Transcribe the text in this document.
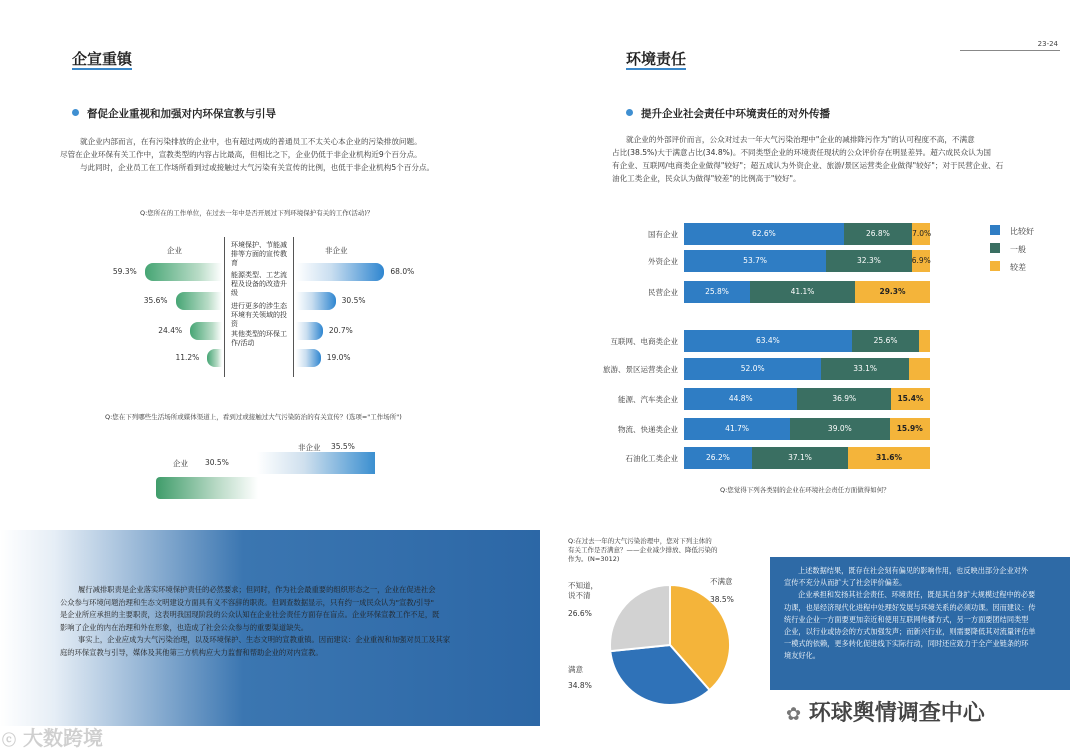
23-24
企宣重镇
督促企业重视和加强对内环保宣教与引导
就企业内部而言，在有污染排放的企业中，也有超过两成的普通员工不太关心本企业的污染排放问题。
尽管在企业环保有关工作中，宣教类型的内容占比最高，但相比之下，企业仍低于非企业机构近9个百分点。
与此同时，企业员工在工作场所看到过或接触过大气污染有关宣传的比例，也低于非企业机构5个百分点。
Q:您所在的工作单位，在过去一年中是否开展过下列环境保护有关的工作(活动)？
企业	非企业
59.3%	68.0%
环境保护、节能减排等方面的宣传教育
35.6%	30.5%
能源类型、工艺流程及设备的改造升级
24.4%	20.7%
进行更多的涉生态环境有关领域的投资
11.2%	19.0%
其他类型的环保工作/活动
Q:您在下列哪些生活场所或媒体渠道上，看到过或接触过大气污染防治的有关宣传？(选项="工作场所")
非企业 35.5%
企业 30.5%
履行减排职责是企业落实环境保护责任的必然要求；但同时，作为社会最重要的组织形态之一，企业在促进社会
公众参与环境问题治理和生态文明建设方面具有义不容辞的职责。但调查数据显示，只有约一成民众认为"宣教/引导"
是企业所应承担的主要职责，这表明我国现阶段的公众认知在企业社会责任方面存在盲点。企业环保宣教工作不足，既
影响了企业的内在治理和外在形象，也造成了社会公众参与的重要渠道缺失。
事实上，企业应成为大气污染治理，以及环境保护、生态文明的宣教重镇。因而建议：企业重视和加强对员工及其家
庭的环保宣教与引导，媒体及其他第三方机构应大力监督和帮助企业的对内宣教。
ⓒ 大数跨境
环境责任
提升企业社会责任中环境责任的对外传播
就企业的外部评价而言，公众对过去一年大气污染治理中"企业的减排降污作为"的认可程度不高，不满意
占比(38.5%)大于满意占比(34.8%)。不同类型企业的环境责任现状的公众评价存在明显差异。超六成民众认为国
有企业、互联网/电商类企业做得"较好"；超五成认为外资企业、旅游/景区运营类企业做得"较好"；对于民营企业、石
油化工类企业，民众认为做得"较差"的比例高于"较好"。
国有企业	62.6%	26.8%	7.0%
外资企业	53.7%	32.3%	6.9%
民营企业	25.8%	41.1%	29.3%
互联网、电商类企业	63.4%	25.6%
旅游、景区运营类企业	52.0%	33.1%
能源、汽车类企业	44.8%	36.9%	15.4%
物流、快递类企业	41.7%	39.0%	15.9%
石油化工类企业	26.2%	37.1%	31.6%
比较好
一般
较差
Q:您觉得下列各类别的企业在环境社会责任方面做得如何？
Q:在过去一年的大气污染治理中，您对下列主体的有关工作是否满意？——企业减少排放、降低污染的作为。(N=3012)
不满意
38.5%
满意
34.8%
不知道，
说不清
26.6%
上述数据结果，既存在社会刻有偏见的影响作用，也反映出部分企业对外
宣传不充分从而扩大了社会评价偏差。
企业承担和发扬其社会责任、环境责任，既是其自身扩大规模过程中的必要
功课，也是经济现代化进程中处理好发展与环境关系的必须功课。因而建议：传
统行业企业一方面要更加亲近和使用互联网传播方式，另一方面要团结同类型
企业，以行业或协会的方式加强发声；而新兴行业，则需要降低其对流量评估单
一模式的依赖，更多转化促进线下实际行动，同时还应致力于全产业链条的环
境友好化。
✿ 环球舆情调查中心
